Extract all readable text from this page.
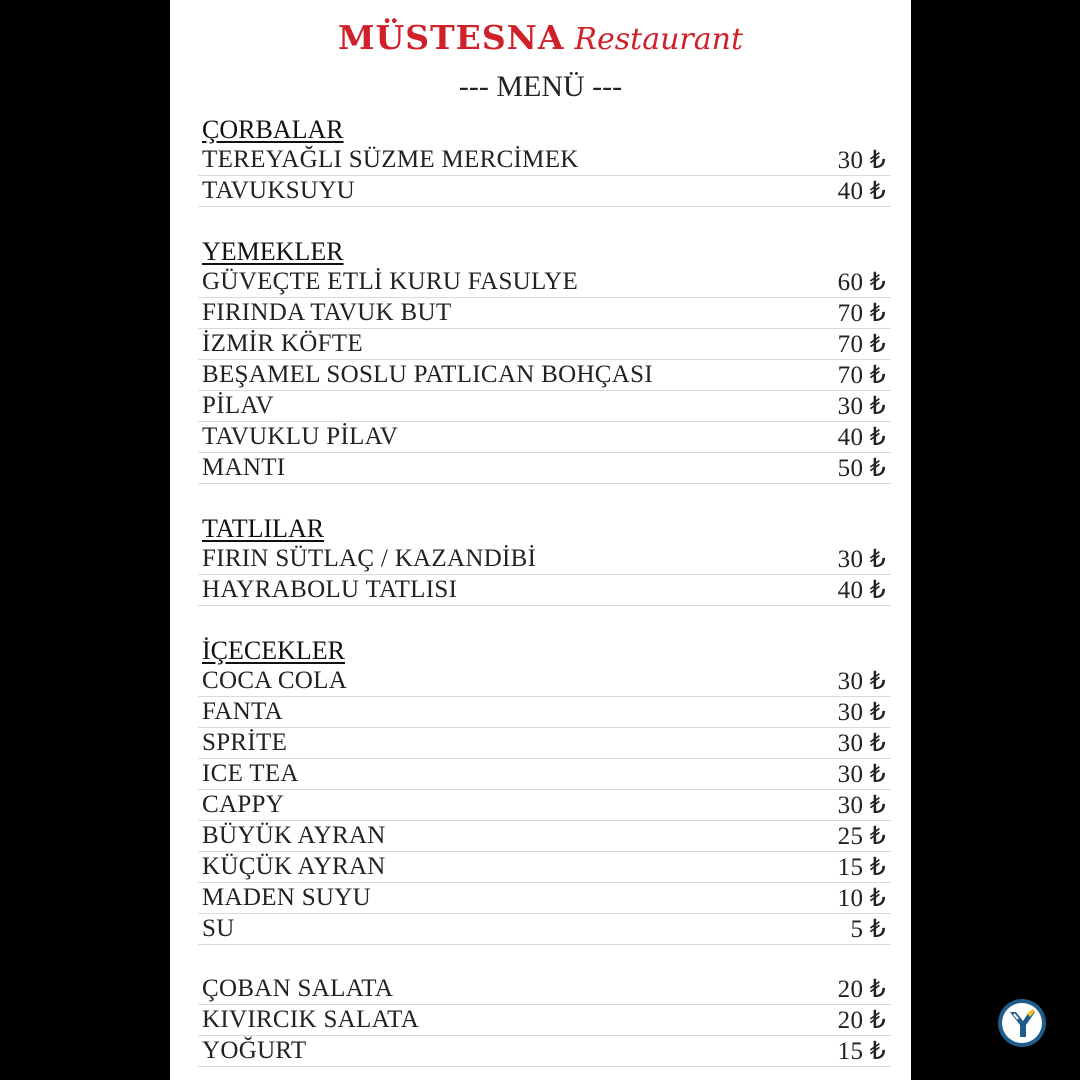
MÜSTESNA Restaurant
--- MENÜ ---
ÇORBALAR
TEREYAĞLI SÜZME MERCİMEK	30 ₺
TAVUKSUYU	40 ₺
YEMEKLER
GÜVEÇTE ETLİ KURU FASULYE	60 ₺
FIRINDA TAVUK BUT	70 ₺
İZMİR KÖFTE	70 ₺
BEŞAMEL SOSLU PATLICAN BOHÇASI	70 ₺
PİLAV	30 ₺
TAVUKLU PİLAV	40 ₺
MANTI	50 ₺
TATLILAR
FIRIN SÜTLAÇ / KAZANDİBİ	30 ₺
HAYRABOLU TATLISI	40 ₺
İÇECEKLER
COCA COLA	30 ₺
FANTA	30 ₺
SPRİTE	30 ₺
ICE TEA	30 ₺
CAPPY	30 ₺
BÜYÜK AYRAN	25 ₺
KÜÇÜK AYRAN	15 ₺
MADEN SUYU	10 ₺
SU	5 ₺
ÇOBAN SALATA	20 ₺
KIVIRCIK SALATA	20 ₺
YOĞURT	15 ₺
